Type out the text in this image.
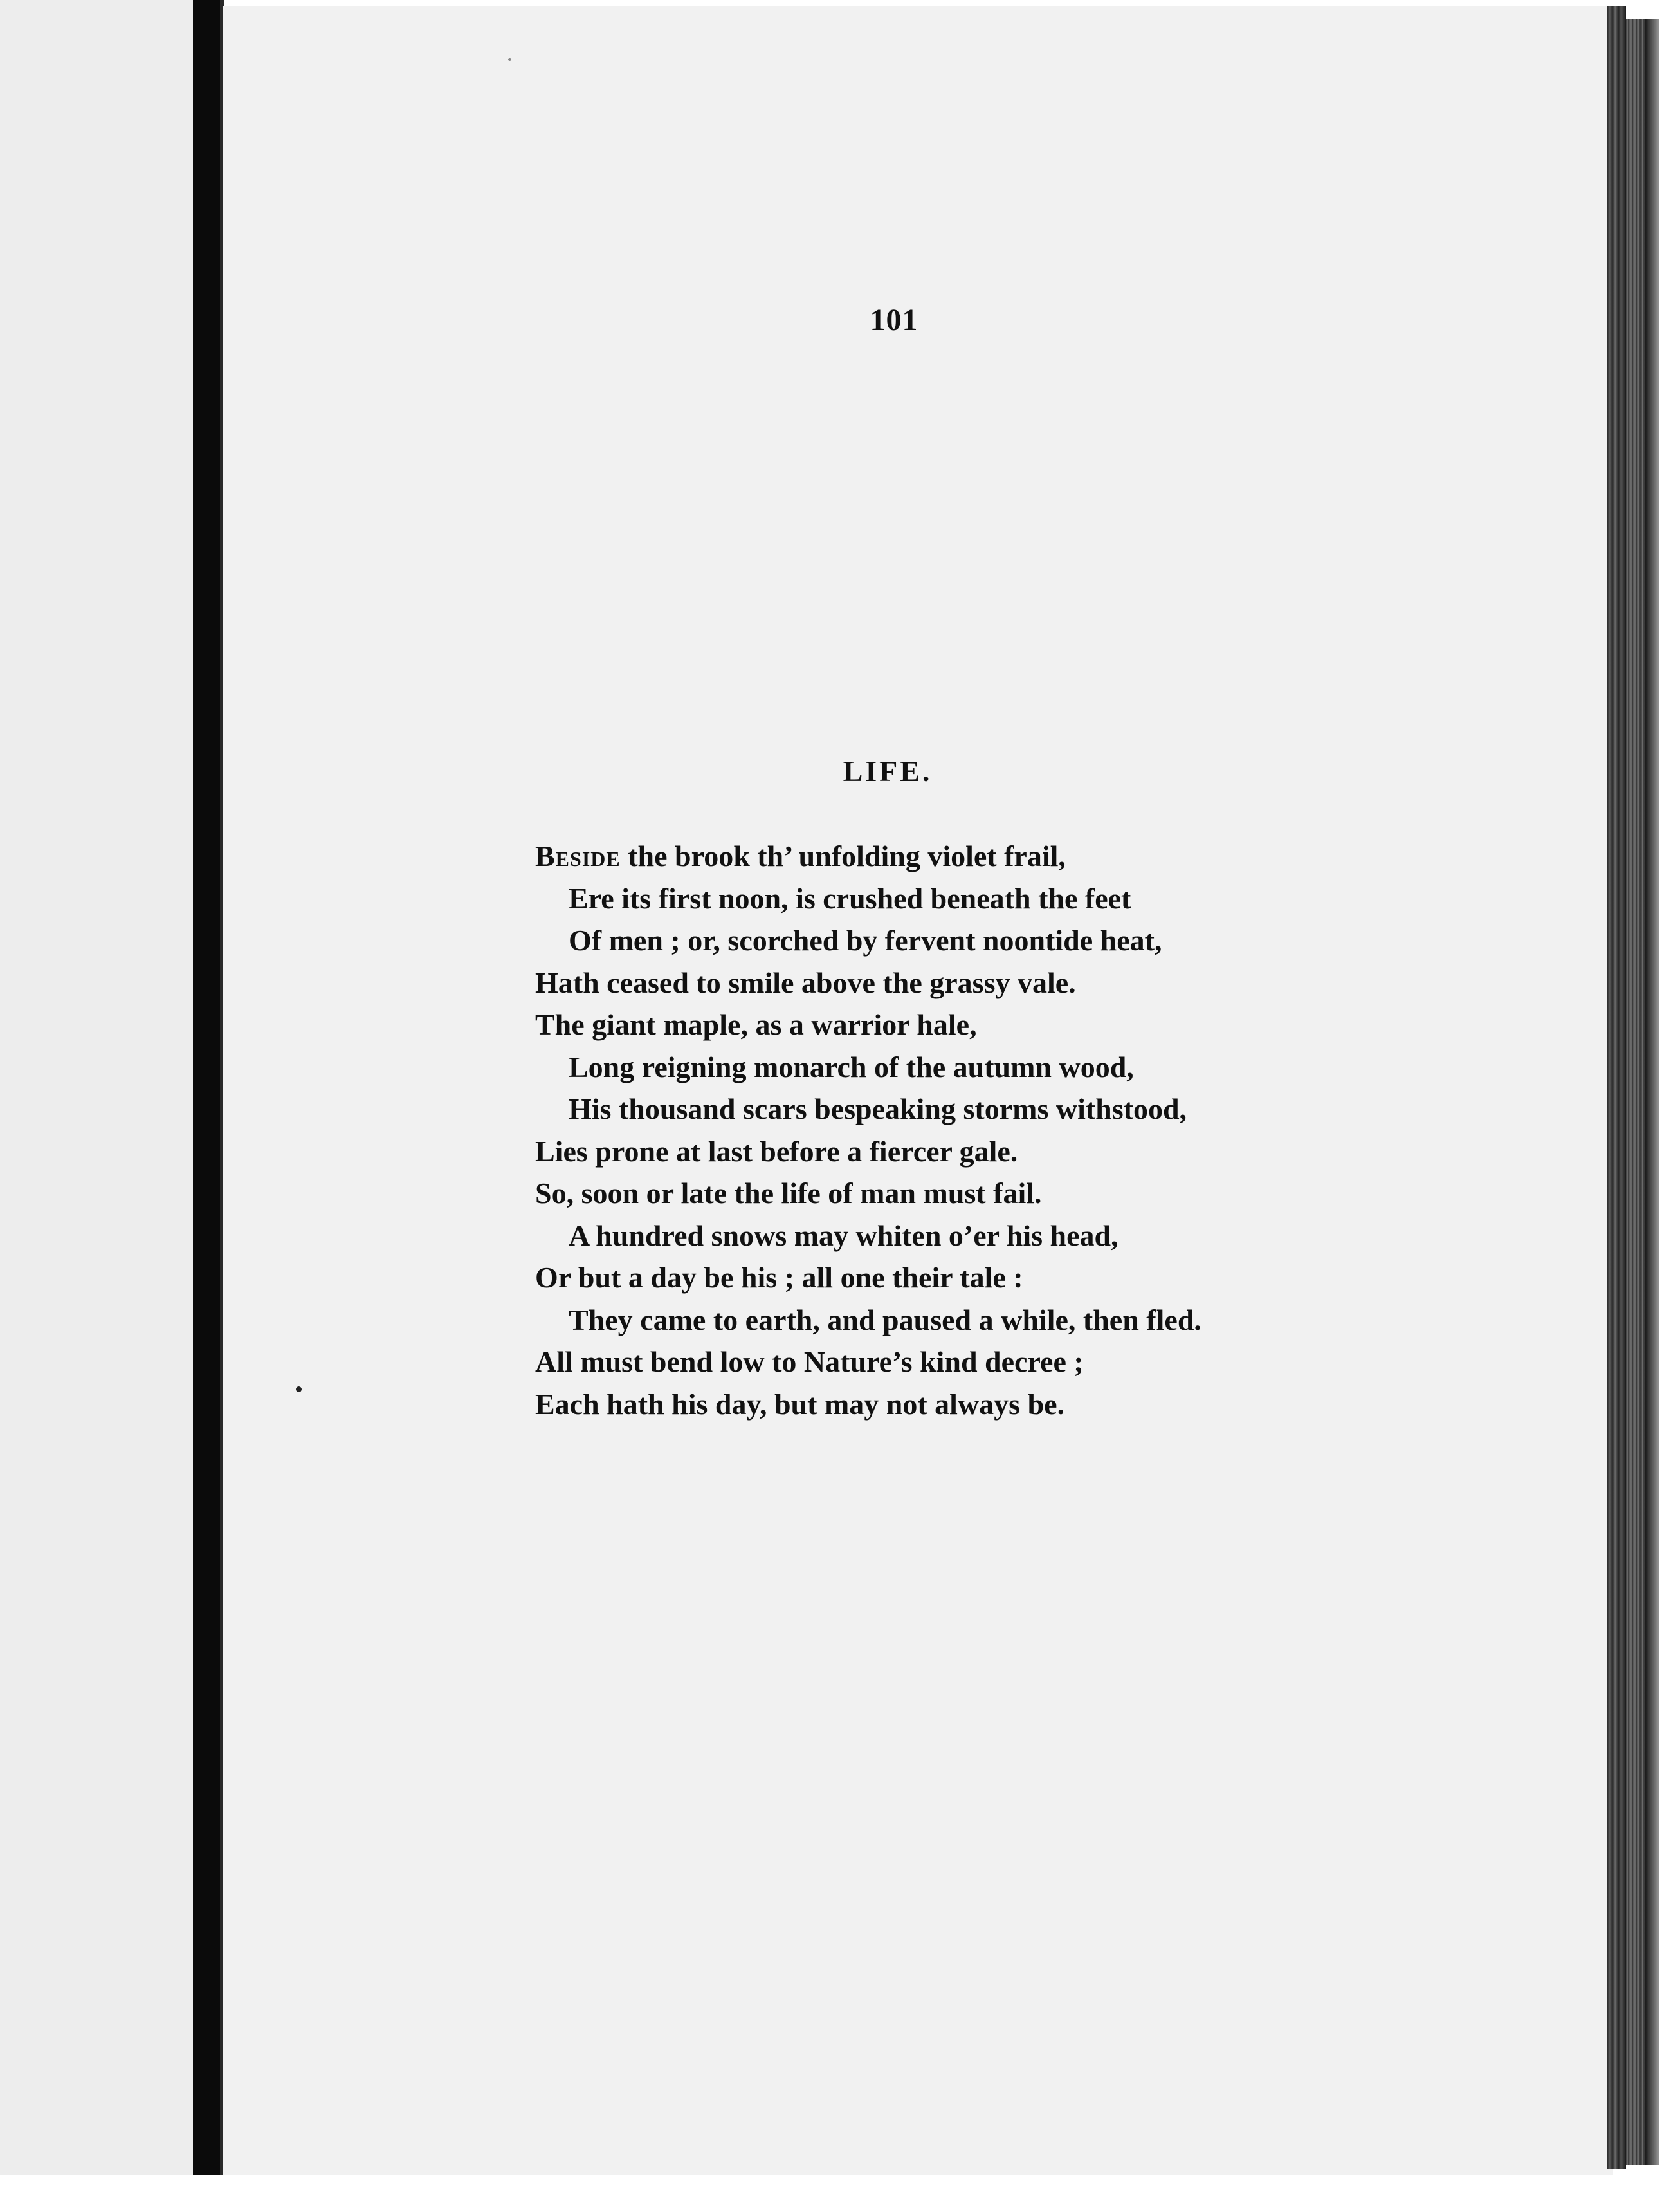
101
LIFE.
Beside the brook th’ unfolding violet frail,
Ere its first noon, is crushed beneath the feet
Of men ; or, scorched by fervent noontide heat,
Hath ceased to smile above the grassy vale.
The giant maple, as a warrior hale,
Long reigning monarch of the autumn wood,
His thousand scars bespeaking storms withstood,
Lies prone at last before a fiercer gale.
So, soon or late the life of man must fail.
A hundred snows may whiten o’er his head,
Or but a day be his ; all one their tale :
They came to earth, and paused a while, then fled.
All must bend low to Nature’s kind decree ;
Each hath his day, but may not always be.
